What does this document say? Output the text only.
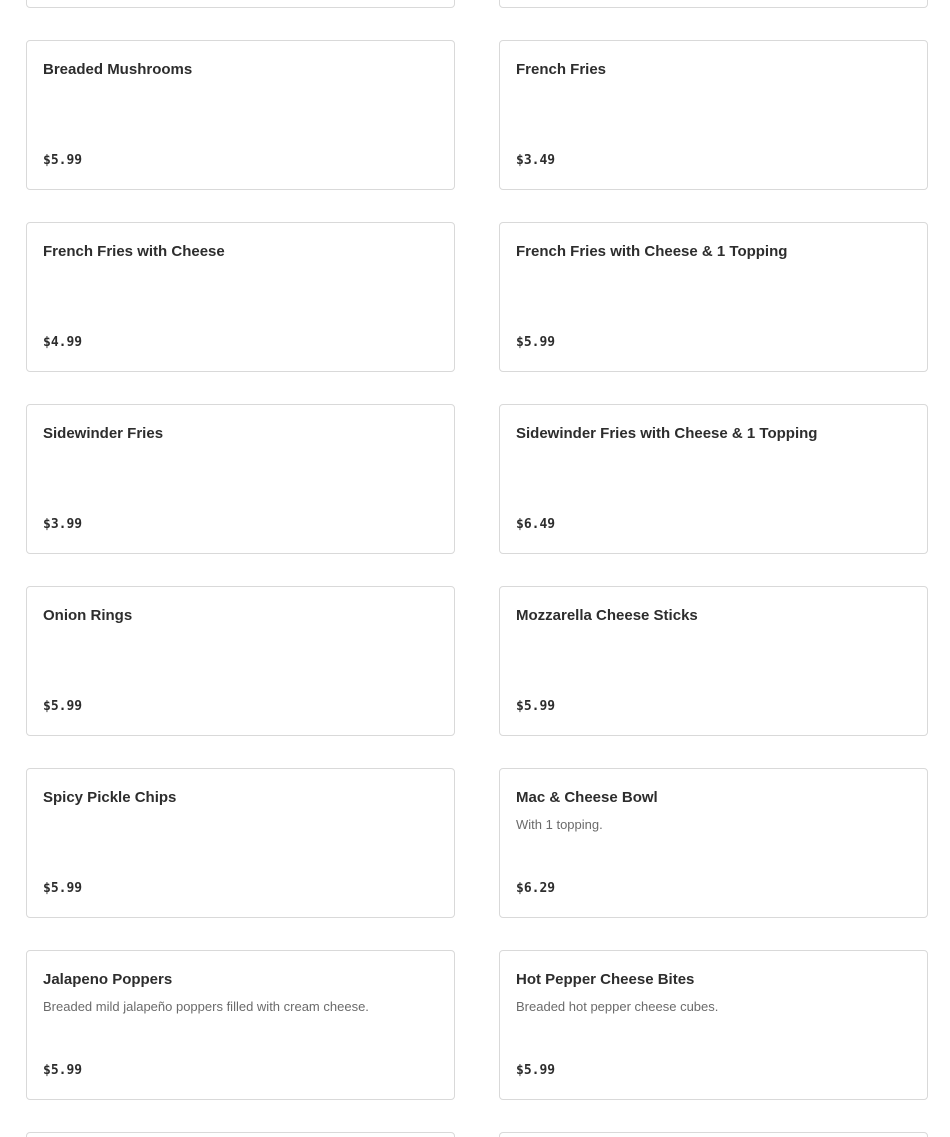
Breaded Mushrooms
$5.99
French Fries
$3.49
French Fries with Cheese
$4.99
French Fries with Cheese & 1 Topping
$5.99
Sidewinder Fries
$3.99
Sidewinder Fries with Cheese & 1 Topping
$6.49
Onion Rings
$5.99
Mozzarella Cheese Sticks
$5.99
Spicy Pickle Chips
$5.99
Mac & Cheese Bowl
With 1 topping.
$6.29
Jalapeno Poppers
Breaded mild jalapeño poppers filled with cream cheese.
$5.99
Hot Pepper Cheese Bites
Breaded hot pepper cheese cubes.
$5.99
